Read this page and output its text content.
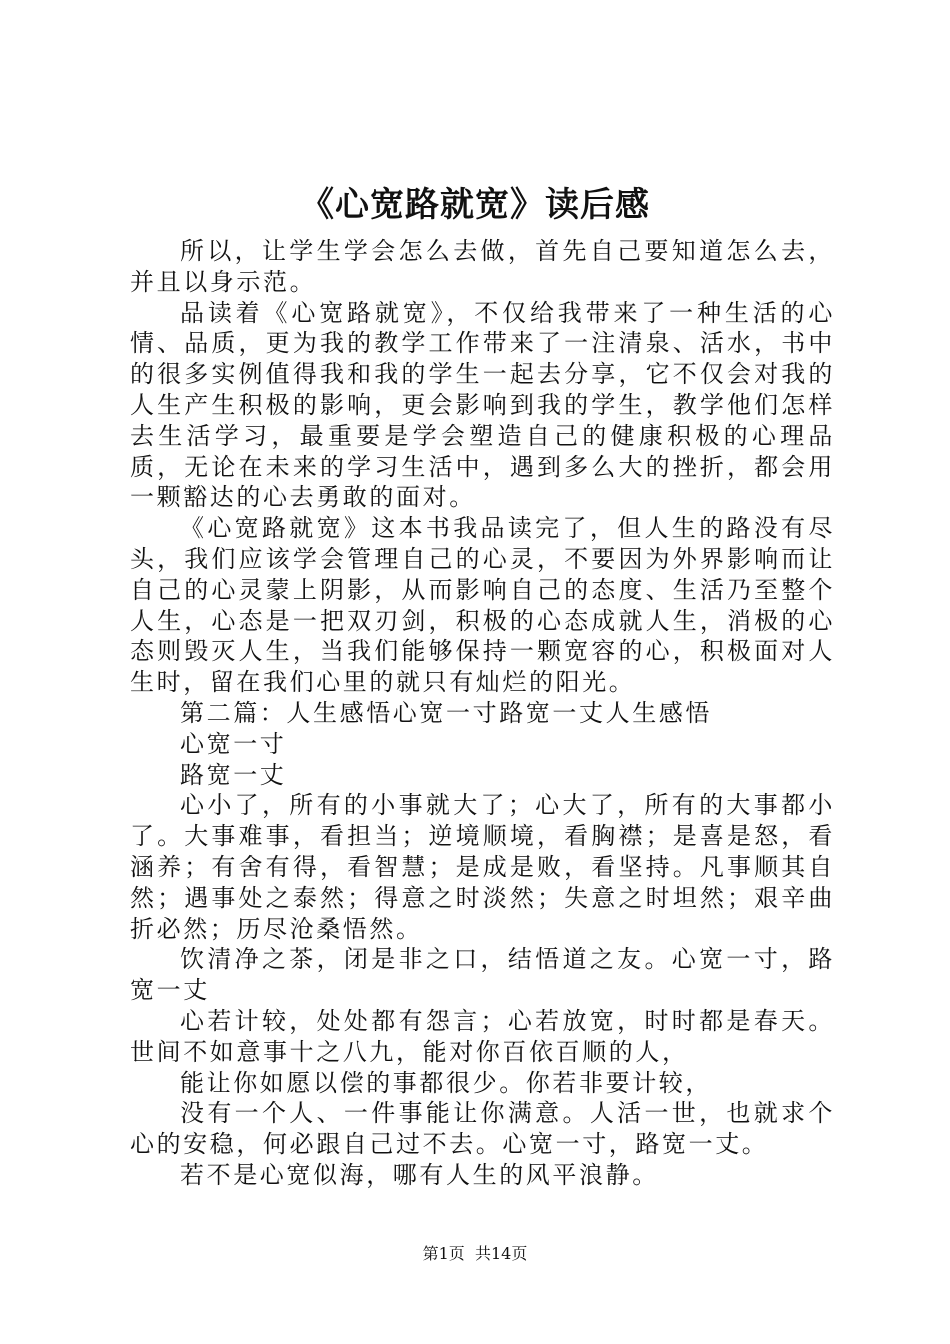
《心宽路就宽》读后感

所以，让学生学会怎么去做，首先自己要知道怎么去，并且以身示范。

品读着《心宽路就宽》，不仅给我带来了一种生活的心情、品质，更为我的教学工作带来了一注清泉、活水，书中的很多实例值得我和我的学生一起去分享，它不仅会对我的人生产生积极的影响，更会影响到我的学生，教学他们怎样去生活学习，最重要是学会塑造自己的健康积极的心理品质，无论在未来的学习生活中，遇到多么大的挫折，都会用一颗豁达的心去勇敢的面对。

《心宽路就宽》这本书我品读完了，但人生的路没有尽头，我们应该学会管理自己的心灵，不要因为外界影响而让自己的心灵蒙上阴影，从而影响自己的态度、生活乃至整个人生，心态是一把双刃剑，积极的心态成就人生，消极的心态则毁灭人生，当我们能够保持一颗宽容的心，积极面对人生时，留在我们心里的就只有灿烂的阳光。

第二篇：人生感悟心宽一寸路宽一丈人生感悟

心宽一寸

路宽一丈

心小了，所有的小事就大了；心大了，所有的大事都小了。大事难事，看担当；逆境顺境，看胸襟；是喜是怒，看涵养；有舍有得，看智慧；是成是败，看坚持。凡事顺其自然；遇事处之泰然；得意之时淡然；失意之时坦然；艰辛曲折必然；历尽沧桑悟然。

饮清净之茶，闭是非之口，结悟道之友。心宽一寸，路宽一丈

心若计较，处处都有怨言；心若放宽，时时都是春天。世间不如意事十之八九，能对你百依百顺的人，

能让你如愿以偿的事都很少。你若非要计较，

没有一个人、一件事能让你满意。人活一世，也就求个心的安稳，何必跟自己过不去。心宽一寸，路宽一丈。

若不是心宽似海，哪有人生的风平浪静。

第1页 共14页
